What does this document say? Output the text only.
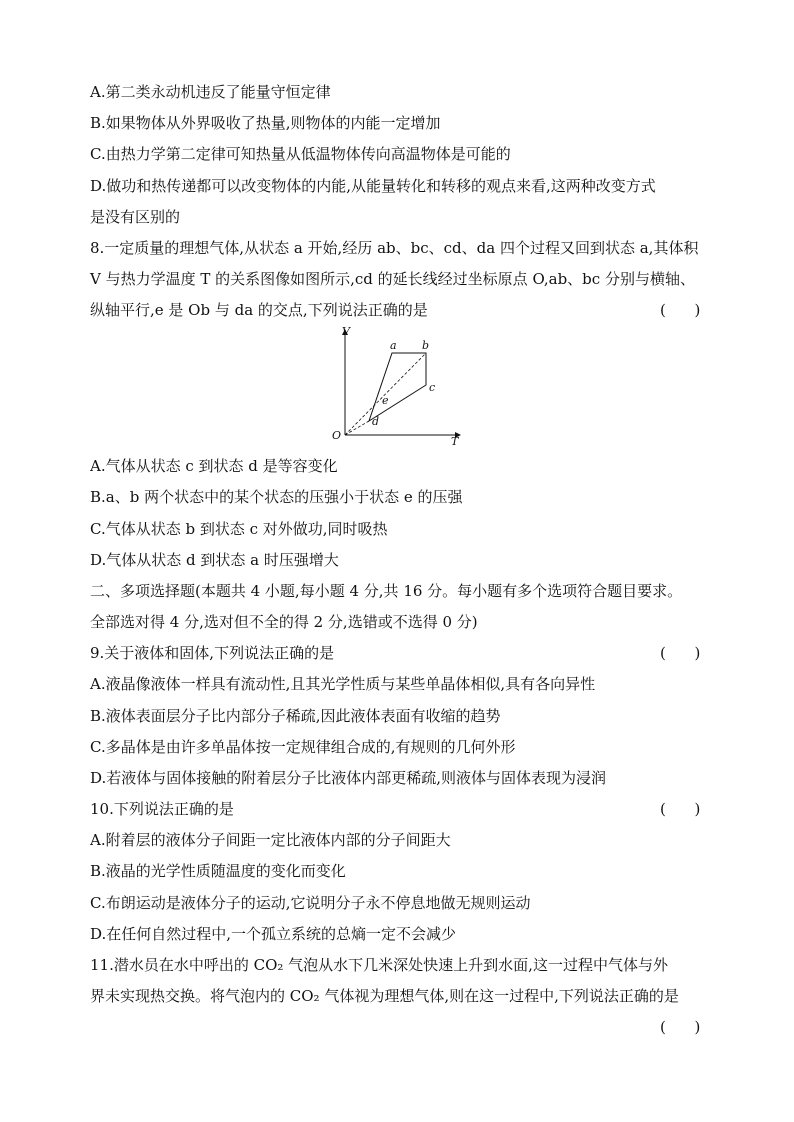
A.第二类永动机违反了能量守恒定律
B.如果物体从外界吸收了热量,则物体的内能一定增加
C.由热力学第二定律可知热量从低温物体传向高温物体是可能的
D.做功和热传递都可以改变物体的内能,从能量转化和转移的观点来看,这两种改变方式
是没有区别的
8.一定质量的理想气体,从状态 a 开始,经历 ab、bc、cd、da 四个过程又回到状态 a,其体积
V 与热力学温度 T 的关系图像如图所示,cd 的延长线经过坐标原点 O,ab、bc 分别与横轴、
纵轴平行,e 是 Ob 与 da 的交点,下列说法正确的是	(      )
V
T
O
a b
c
d
e
A.气体从状态 c 到状态 d 是等容变化
B.a、b 两个状态中的某个状态的压强小于状态 e 的压强
C.气体从状态 b 到状态 c 对外做功,同时吸热
D.气体从状态 d 到状态 a 时压强增大
二、多项选择题(本题共 4 小题,每小题 4 分,共 16 分。每小题有多个选项符合题目要求。
全部选对得 4 分,选对但不全的得 2 分,选错或不选得 0 分)
9.关于液体和固体,下列说法正确的是	(      )
A.液晶像液体一样具有流动性,且其光学性质与某些单晶体相似,具有各向异性
B.液体表面层分子比内部分子稀疏,因此液体表面有收缩的趋势
C.多晶体是由许多单晶体按一定规律组合成的,有规则的几何外形
D.若液体与固体接触的附着层分子比液体内部更稀疏,则液体与固体表现为浸润
10.下列说法正确的是	(      )
A.附着层的液体分子间距一定比液体内部的分子间距大
B.液晶的光学性质随温度的变化而变化
C.布朗运动是液体分子的运动,它说明分子永不停息地做无规则运动
D.在任何自然过程中,一个孤立系统的总熵一定不会减少
11.潜水员在水中呼出的 CO₂ 气泡从水下几米深处快速上升到水面,这一过程中气体与外
界未实现热交换。将气泡内的 CO₂ 气体视为理想气体,则在这一过程中,下列说法正确的是
(      )
